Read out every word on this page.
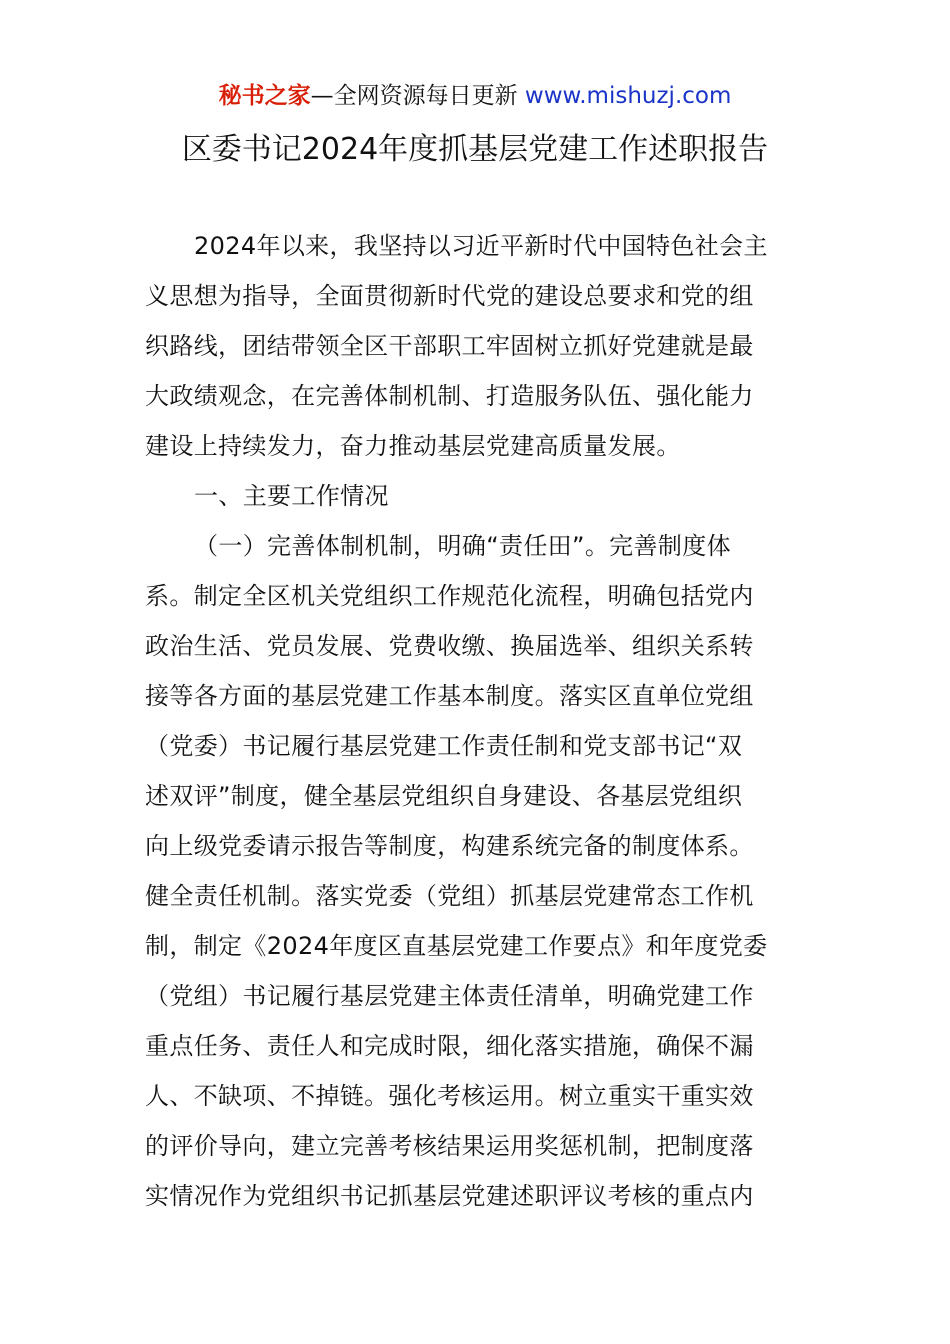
秘书之家—全网资源每日更新 www.mishuzj.com
区委书记2024年度抓基层党建工作述职报告
2024年以来，我坚持以习近平新时代中国特色社会主
义思想为指导，全面贯彻新时代党的建设总要求和党的组
织路线，团结带领全区干部职工牢固树立抓好党建就是最
大政绩观念，在完善体制机制、打造服务队伍、强化能力
建设上持续发力，奋力推动基层党建高质量发展。
一、主要工作情况
（一）完善体制机制，明确“责任田”。完善制度体
系。制定全区机关党组织工作规范化流程，明确包括党内
政治生活、党员发展、党费收缴、换届选举、组织关系转
接等各方面的基层党建工作基本制度。落实区直单位党组
（党委）书记履行基层党建工作责任制和党支部书记“双
述双评”制度，健全基层党组织自身建设、各基层党组织
向上级党委请示报告等制度，构建系统完备的制度体系。
健全责任机制。落实党委（党组）抓基层党建常态工作机
制，制定《2024年度区直基层党建工作要点》和年度党委
（党组）书记履行基层党建主体责任清单，明确党建工作
重点任务、责任人和完成时限，细化落实措施，确保不漏
人、不缺项、不掉链。强化考核运用。树立重实干重实效
的评价导向，建立完善考核结果运用奖惩机制，把制度落
实情况作为党组织书记抓基层党建述职评议考核的重点内
